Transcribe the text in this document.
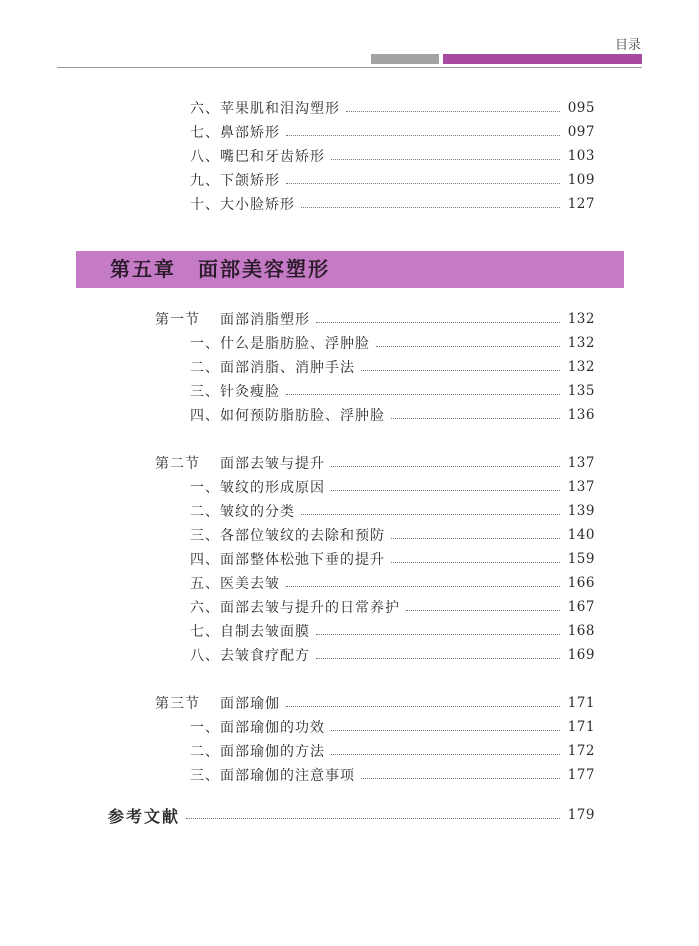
目录
六、苹果肌和泪沟塑形	095
七、鼻部矫形	097
八、嘴巴和牙齿矫形	103
九、下颌矫形	109
十、大小脸矫形	127
第五章 面部美容塑形
第一节 面部消脂塑形	132
一、什么是脂肪脸、浮肿脸	132
二、面部消脂、消肿手法	132
三、针灸瘦脸	135
四、如何预防脂肪脸、浮肿脸	136
第二节 面部去皱与提升	137
一、皱纹的形成原因	137
二、皱纹的分类	139
三、各部位皱纹的去除和预防	140
四、面部整体松弛下垂的提升	159
五、医美去皱	166
六、面部去皱与提升的日常养护	167
七、自制去皱面膜	168
八、去皱食疗配方	169
第三节 面部瑜伽	171
一、面部瑜伽的功效	171
二、面部瑜伽的方法	172
三、面部瑜伽的注意事项	177
参考文献	179
